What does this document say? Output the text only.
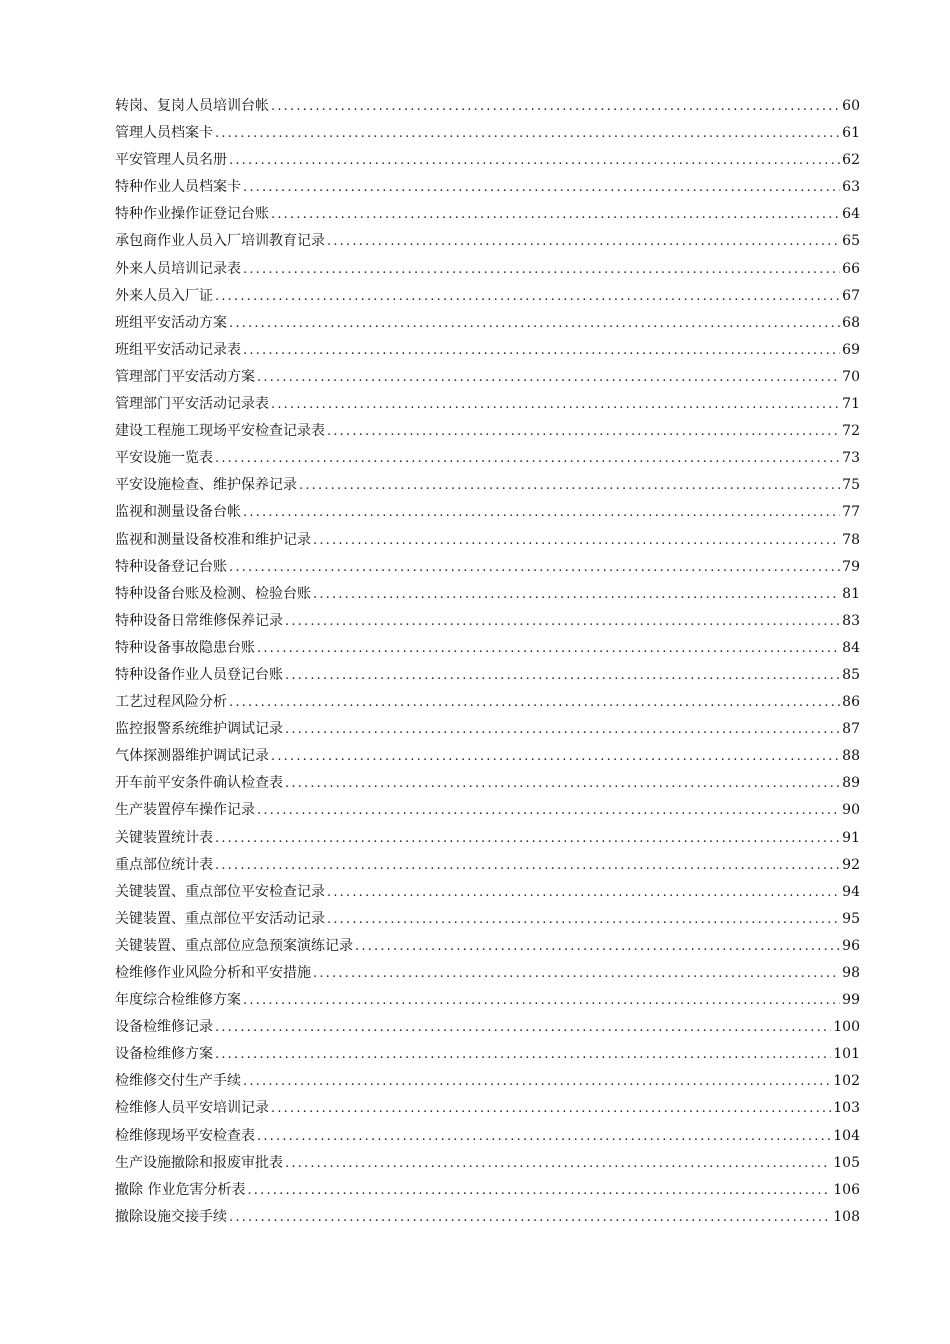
转岗、复岗人员培训台帐 .....	60
管理人员档案卡 .....	61
平安管理人员名册 .....	62
特种作业人员档案卡 .....	63
特种作业操作证登记台账 .....	64
承包商作业人员入厂培训教育记录 .....	65
外来人员培训记录表 .....	66
外来人员入厂证 .....	67
班组平安活动方案 .....	68
班组平安活动记录表 .....	69
管理部门平安活动方案 .....	70
管理部门平安活动记录表 .....	71
建设工程施工现场平安检查记录表 .....	72
平安设施一览表 .....	73
平安设施检查、维护保养记录 .....	75
监视和测量设备台帐 .....	77
监视和测量设备校准和维护记录 .....	78
特种设备登记台账 .....	79
特种设备台账及检测、检验台账 .....	81
特种设备日常维修保养记录 .....	83
特种设备事故隐患台账 .....	84
特种设备作业人员登记台账 .....	85
工艺过程风险分析 .....	86
监控报警系统维护调试记录 .....	87
气体探测器维护调试记录 .....	88
开车前平安条件确认检查表 .....	89
生产装置停车操作记录 .....	90
关键装置统计表 .....	91
重点部位统计表 .....	92
关键装置、重点部位平安检查记录 .....	94
关键装置、重点部位平安活动记录 .....	95
关键装置、重点部位应急预案演练记录 .....	96
检维修作业风险分析和平安措施 .....	98
年度综合检维修方案 .....	99
设备检维修记录 .....	100
设备检维修方案 .....	101
检维修交付生产手续 .....	102
检维修人员平安培训记录 .....	103
检维修现场平安检查表 .....	104
生产设施撤除和报废审批表 .....	105
撤除 作业危害分析表 .....	106
撤除设施交接手续 .....	108
